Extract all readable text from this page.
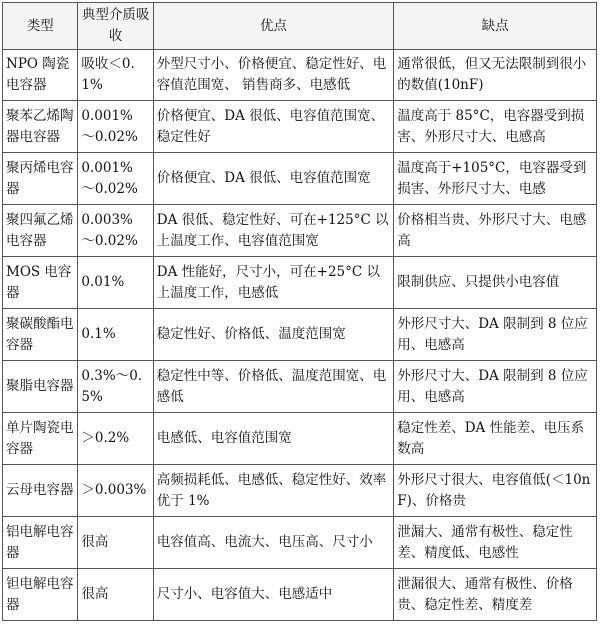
类型	典型介质吸收	优点	缺点
NPO 陶瓷电容器	吸收＜0.1%	外型尺寸小、价格便宜、稳定性好、电容值范围宽、 销售商多、电感低	通常很低，但又无法限制到很小的数值(10nF)
聚苯乙烯陶器电容器	0.001% ～0.02%	价格便宜、DA 很低、电容值范围宽、稳定性好	温度高于 85°C，电容器受到损害、外形尺寸大、电感高
聚丙烯电容器	0.001% ～0.02%	价格便宜、DA 很低、电容值范围宽	温度高于+105°C，电容器受到损害、外形尺寸大、电感
聚四氟乙烯电容器	0.003% ～0.02%	DA 很低、稳定性好、可在+125°C 以上温度工作、电容值范围宽	价格相当贵、外形尺寸大、电感高
MOS 电容器	0.01%	DA 性能好，尺寸小，可在+25°C 以上温度工作，电感低	限制供应、只提供小电容值
聚碳酸酯电容器	0.1%	稳定性好、价格低、温度范围宽	外形尺寸大、DA 限制到 8 位应用、电感高
聚脂电容器	0.3%～0.5%	稳定性中等、价格低、温度范围宽、电感低	外形尺寸大、DA 限制到 8 位应用、电感高
单片陶瓷电容器	＞0.2%	电感低、电容值范围宽	稳定性差、DA 性能差、电压系数高
云母电容器	＞0.003%	高频损耗低、电感低、稳定性好、效率优于 1%	外形尺寸很大、电容值低(＜10nF)、价格贵
铝电解电容器	很高	电容值高、电流大、电压高、尺寸小	泄漏大、通常有极性、稳定性差、精度低、电感性
钽电解电容器	很高	尺寸小、电容值大、电感适中	泄漏很大、通常有极性、价格贵、稳定性差、精度差
